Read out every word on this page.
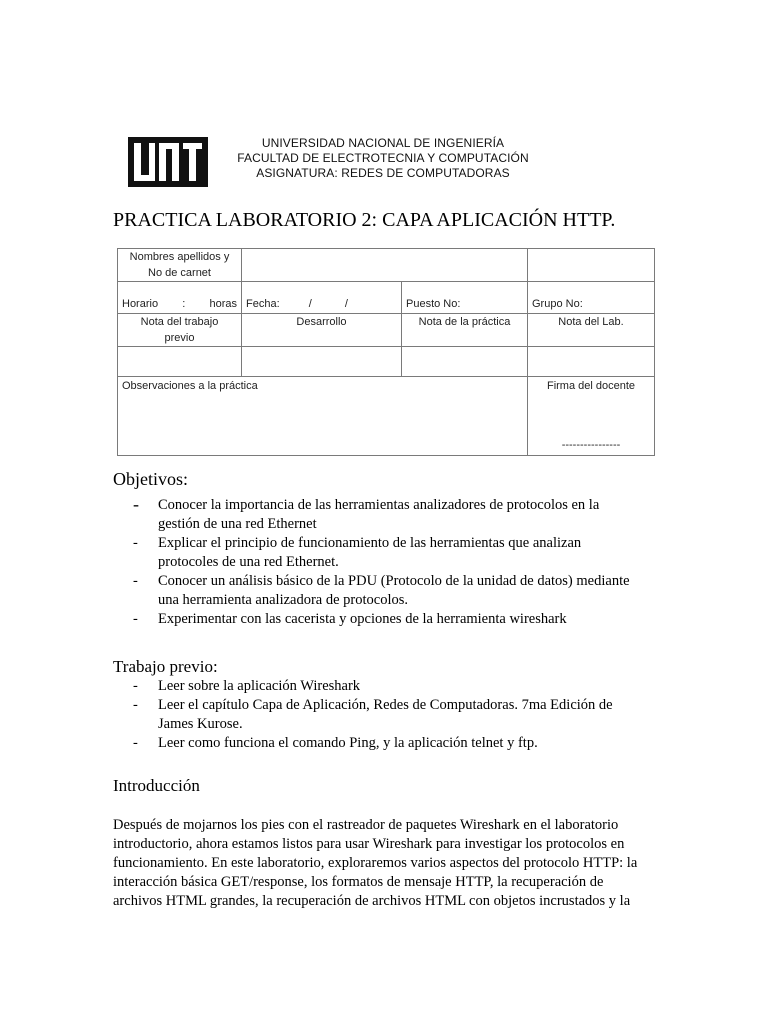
UNIVERSIDAD NACIONAL DE INGENIERÍA
FACULTAD DE ELECTROTECNIA Y COMPUTACIÓN
ASIGNATURA: REDES DE COMPUTADORAS
PRACTICA LABORATORIO 2: CAPA APLICACIÓN HTTP.
Nombres apellidos y
No de carnet			

Horario : horas	Fecha: / /	Puesto No:	Grupo No:

Nota del trabajo
previo	Desarrollo	Nota de la práctica	Nota del Lab.

Observaciones a la práctica			Firma del docente
----------------
Objetivos:
- Conocer la importancia de las herramientas analizadores de protocolos en la gestión de una red Ethernet
- Explicar el principio de funcionamiento de las herramientas que analizan protocoles de una red Ethernet.
- Conocer un análisis básico de la PDU (Protocolo de la unidad de datos) mediante una herramienta analizadora de protocolos.
- Experimentar con las cacerista y opciones de la herramienta wireshark
Trabajo previo:
- Leer sobre la aplicación Wireshark
- Leer el capítulo Capa de Aplicación, Redes de Computadoras. 7ma Edición de James Kurose.
- Leer como funciona el comando Ping, y la aplicación telnet y ftp.
Introducción

Después de mojarnos los pies con el rastreador de paquetes Wireshark en el laboratorio introductorio, ahora estamos listos para usar Wireshark para investigar los protocolos en funcionamiento. En este laboratorio, exploraremos varios aspectos del protocolo HTTP: la interacción básica GET/response, los formatos de mensaje HTTP, la recuperación de archivos HTML grandes, la recuperación de archivos HTML con objetos incrustados y la
